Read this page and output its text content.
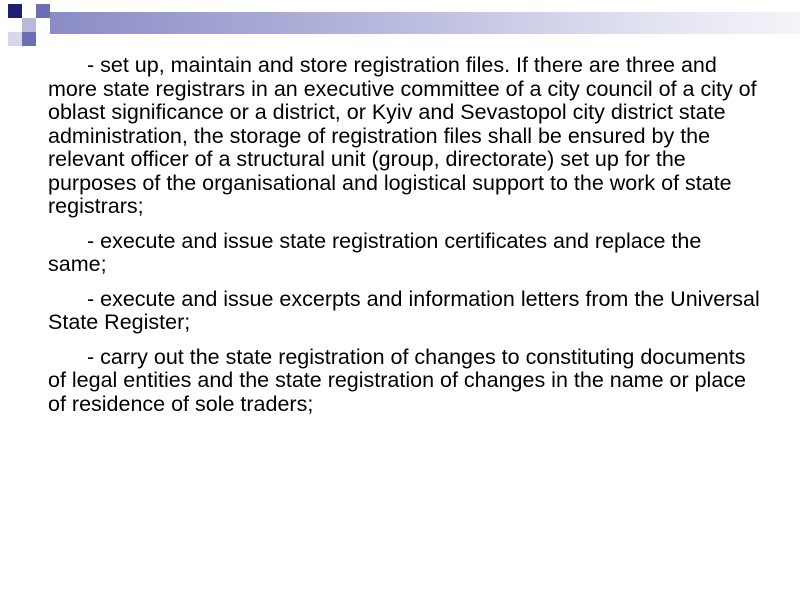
- set up, maintain and store registration files. If there are three and more state registrars in an executive committee of a city council of a city of oblast significance or a district, or Kyiv and Sevastopol city district state administration, the storage of registration files shall be ensured by the relevant officer of a structural unit (group, directorate) set up for the purposes of the organisational and logistical support to the work of state registrars;

- execute and issue state registration certificates and replace the same;

- execute and issue excerpts and information letters from the Universal State Register;

- carry out the state registration of changes to constituting documents of legal entities and the state registration of changes in the name or place of residence of sole traders;
